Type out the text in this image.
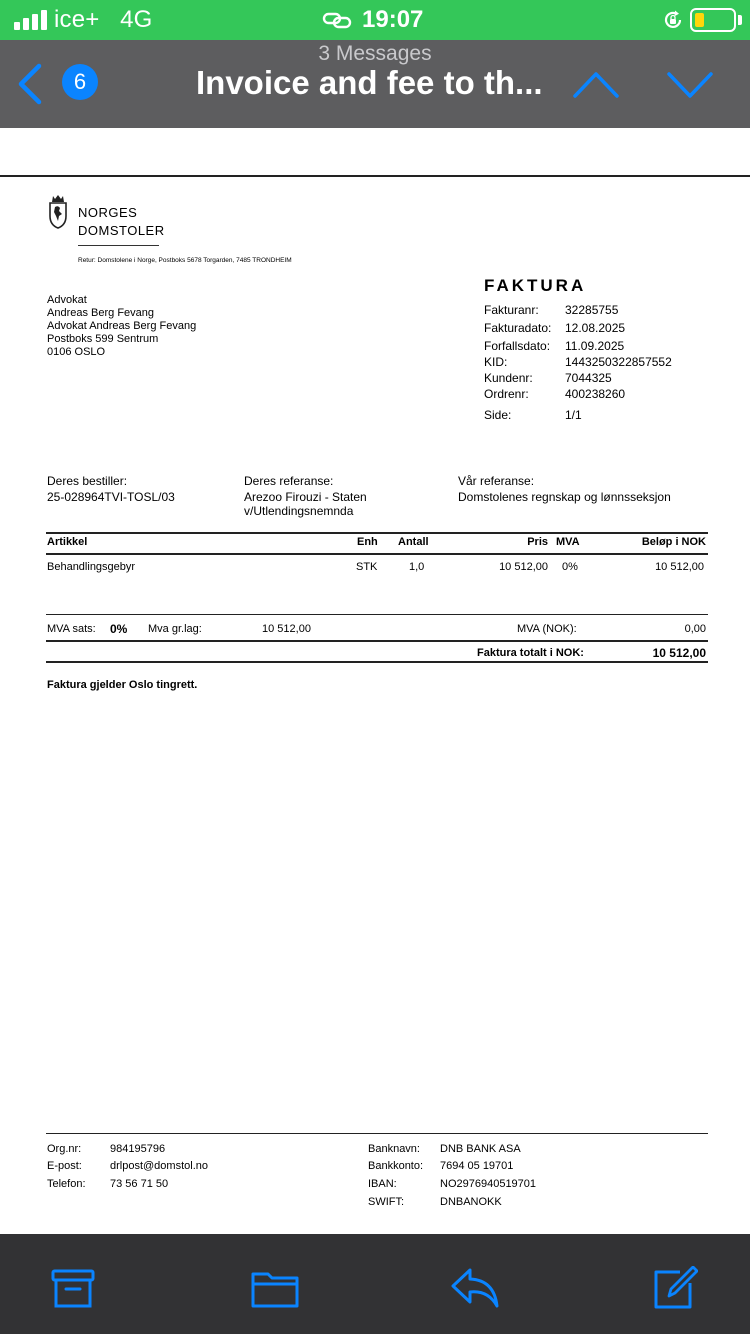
ice+ 4G	19:07
3 Messages
6	Invoice and fee to th...
NORGES
DOMSTOLER
Retur: Domstolene i Norge, Postboks 5678 Torgarden, 7485 TRONDHEIM
Advokat
Andreas Berg Fevang
Advokat Andreas Berg Fevang
Postboks 599 Sentrum
0106 OSLO
FAKTURA
Fakturanr: 32285755
Fakturadato: 12.08.2025
Forfallsdato: 11.09.2025
KID:	1443250322857552
Kundenr:	7044325
Ordrenr:	400238260
Side:	1/1
Deres bestiller:
25-028964TVI-TOSL/03
Deres referanse:
Arezoo Firouzi - Staten
v/Utlendingsnemnda
Vår referanse:
Domstolenes regnskap og lønnsseksjon
Artikkel	Enh Antall	Pris MVA	Beløp i NOK
Behandlingsgebyr	STK	1,0	10 512,00 0%	10 512,00
MVA sats: 0% Mva gr.lag:	10 512,00	MVA (NOK):	0,00
Faktura totalt i NOK:	10 512,00
Faktura gjelder Oslo tingrett.
Org.nr:	984195796
E-post:	drlpost@domstol.no
Telefon: 73 56 71 50
Banknavn: DNB BANK ASA
Bankkonto: 7694 05 19701
IBAN:	NO2976940519701
SWIFT:	DNBANOKK
